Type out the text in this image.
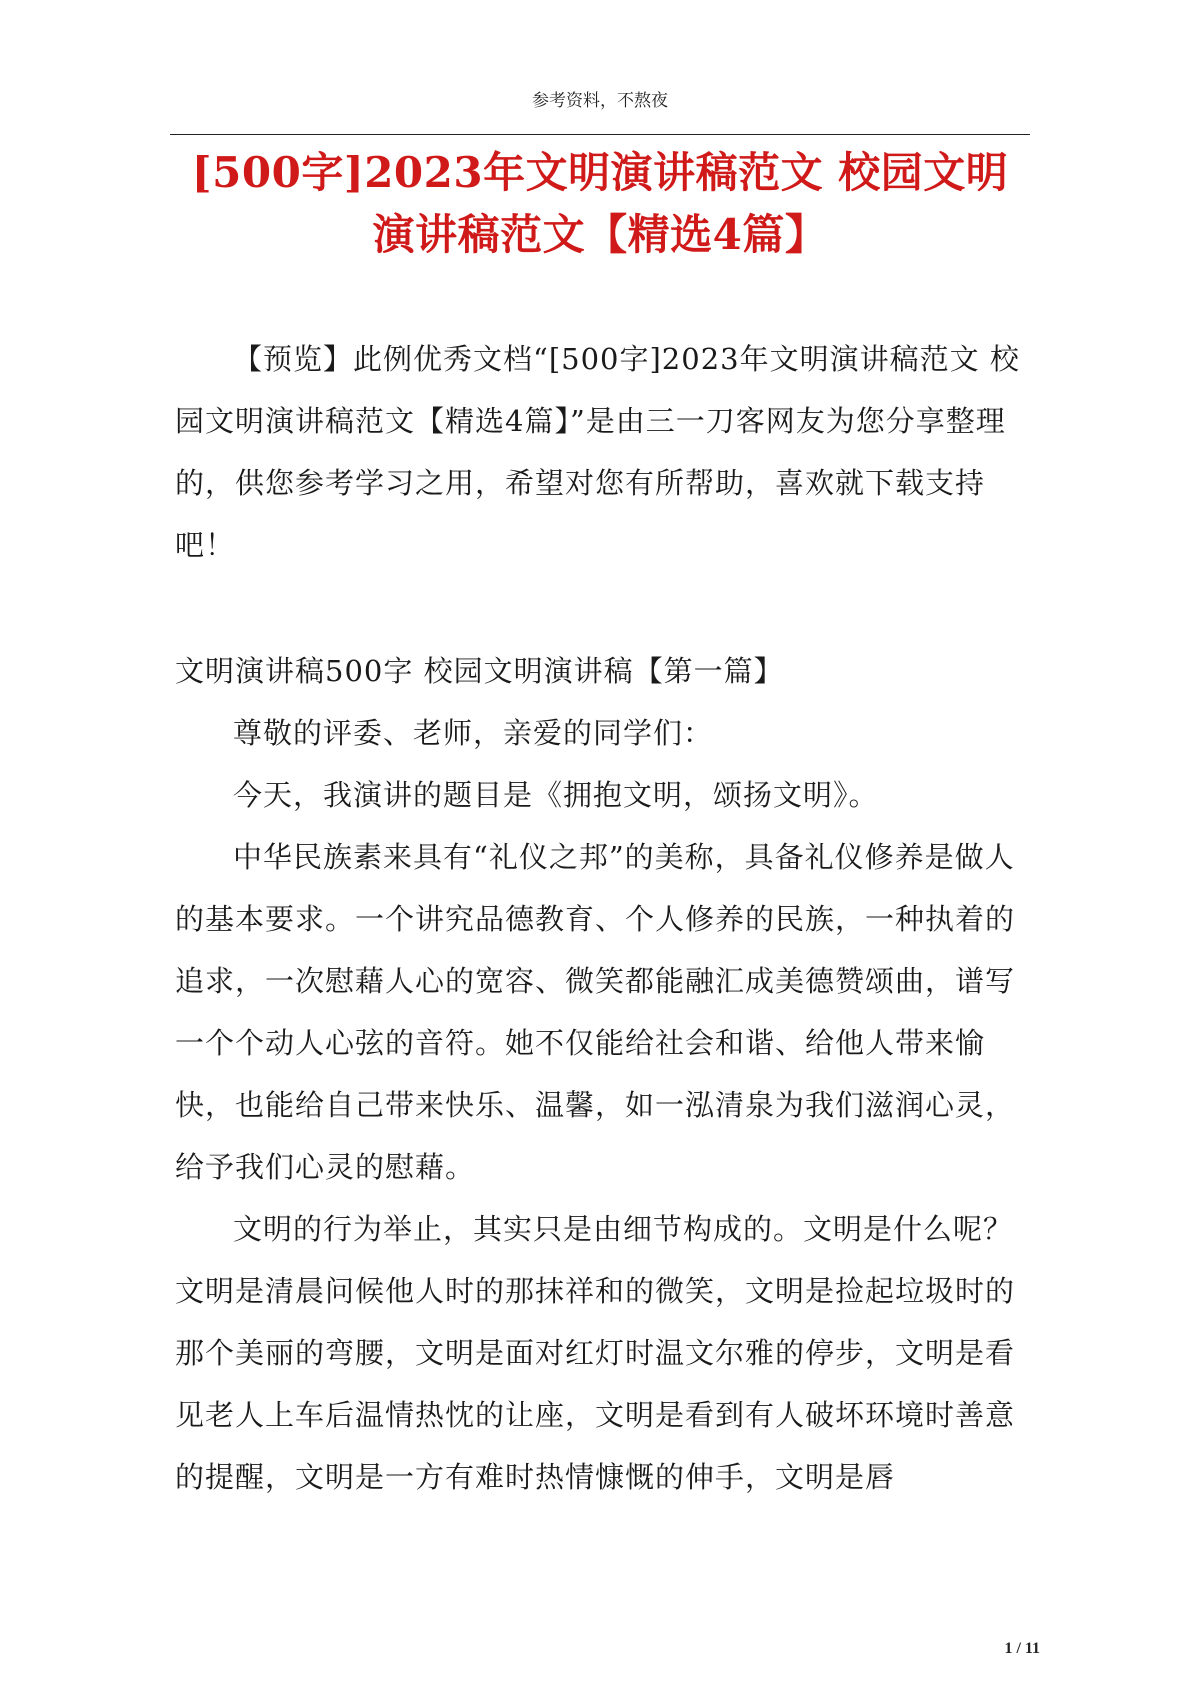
参考资料，不熬夜
[500字]2023年文明演讲稿范文 校园文明演讲稿范文【精选4篇】

【预览】此例优秀文档“[500字]2023年文明演讲稿范文 校园文明演讲稿范文【精选4篇】”是由三一刀客网友为您分享整理的，供您参考学习之用，希望对您有所帮助，喜欢就下载支持吧！

文明演讲稿500字 校园文明演讲稿【第一篇】

尊敬的评委、老师，亲爱的同学们：

今天，我演讲的题目是《拥抱文明，颂扬文明》。

中华民族素来具有“礼仪之邦”的美称，具备礼仪修养是做人的基本要求。一个讲究品德教育、个人修养的民族，一种执着的追求，一次慰藉人心的宽容、微笑都能融汇成美德赞颂曲，谱写一个个动人心弦的音符。她不仅能给社会和谐、给他人带来愉快，也能给自己带来快乐、温馨，如一泓清泉为我们滋润心灵，给予我们心灵的慰藉。

文明的行为举止，其实只是由细节构成的。文明是什么呢？文明是清晨问候他人时的那抹祥和的微笑，文明是捡起垃圾时的那个美丽的弯腰，文明是面对红灯时温文尔雅的停步，文明是看见老人上车后温情热忱的让座，文明是看到有人破坏环境时善意的提醒，文明是一方有难时热情慷慨的伸手，文明是唇

1 / 11
